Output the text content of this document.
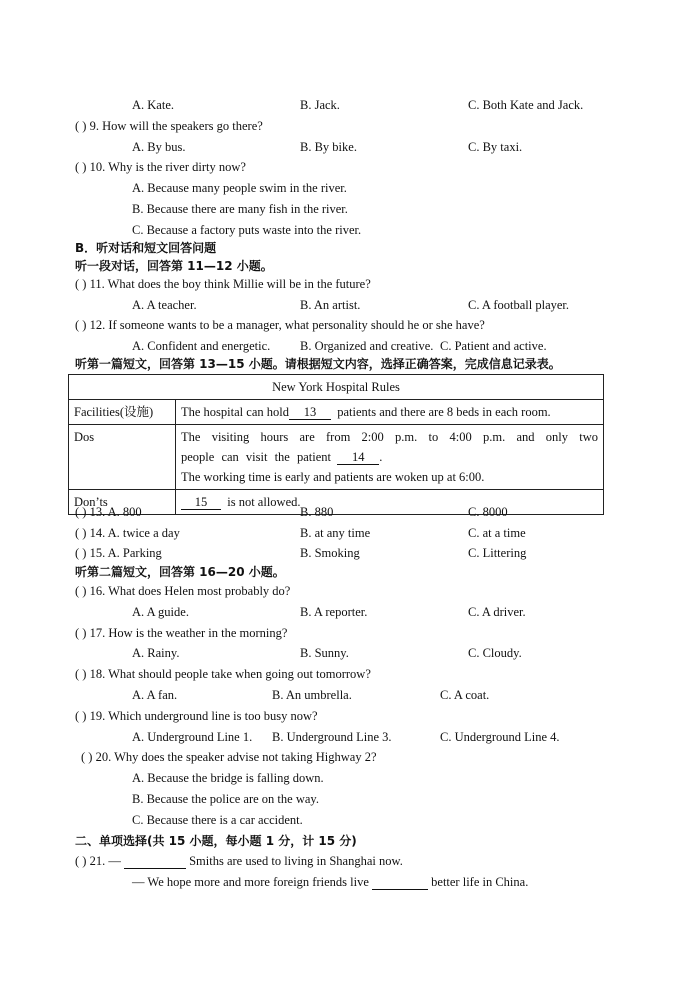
A. Kate.	B. Jack.	C. Both Kate and Jack.
( ) 9. How will the speakers go there?
A. By bus.	B. By bike.	C. By taxi.
( ) 10. Why is the river dirty now?
A. Because many people swim in the river.
B. Because there are many fish in the river.
C. Because a factory puts waste into the river.
B．听对话和短文回答问题
听一段对话，回答第 11—12 小题。
( ) 11. What does the boy think Millie will be in the future?
A. A teacher.	B. An artist.	C. A football player.
( ) 12. If someone wants to be a manager, what personality should he or she have?
A. Confident and energetic. B. Organized and creative. C. Patient and active.
听第一篇短文，回答第 13—15 小题。请根据短文内容，选择正确答案，完成信息记录表。
New York Hospital Rules	
Facilities(设施)	The hospital can hold 13 patients and there are 8 beds in each room.
Dos	The visiting hours are from 2:00 p.m. to 4:00 p.m. and only two
people can visit the patient 14 .
The working time is early and patients are woken up at 6:00.

Don’ts	15 is not allowed.
( ) 13. A. 800	B. 880	C. 8000
( ) 14. A. twice a day	B. at any time	C. at a time
( ) 15. A. Parking	B. Smoking	C. Littering
听第二篇短文，回答第 16—20 小题。
( ) 16. What does Helen most probably do?
A. A guide.	B. A reporter.	C. A driver.
( ) 17. How is the weather in the morning?
A. Rainy.	B. Sunny.	C. Cloudy.
( ) 18. What should people take when going out tomorrow?
A. A fan.	B. An umbrella.	C. A coat.
( ) 19. Which underground line is too busy now?
A. Underground Line 1. B. Underground Line 3.	C. Underground Line 4.
( ) 20. Why does the speaker advise not taking Highway 2?
A. Because the bridge is falling down.
B. Because the police are on the way.
C. Because there is a car accident.
二、单项选择(共 15 小题，每小题 1 分，计 15 分)
( ) 21. —	Smiths are used to living in Shanghai now.
— We hope more and more foreign friends live	better life in China.
